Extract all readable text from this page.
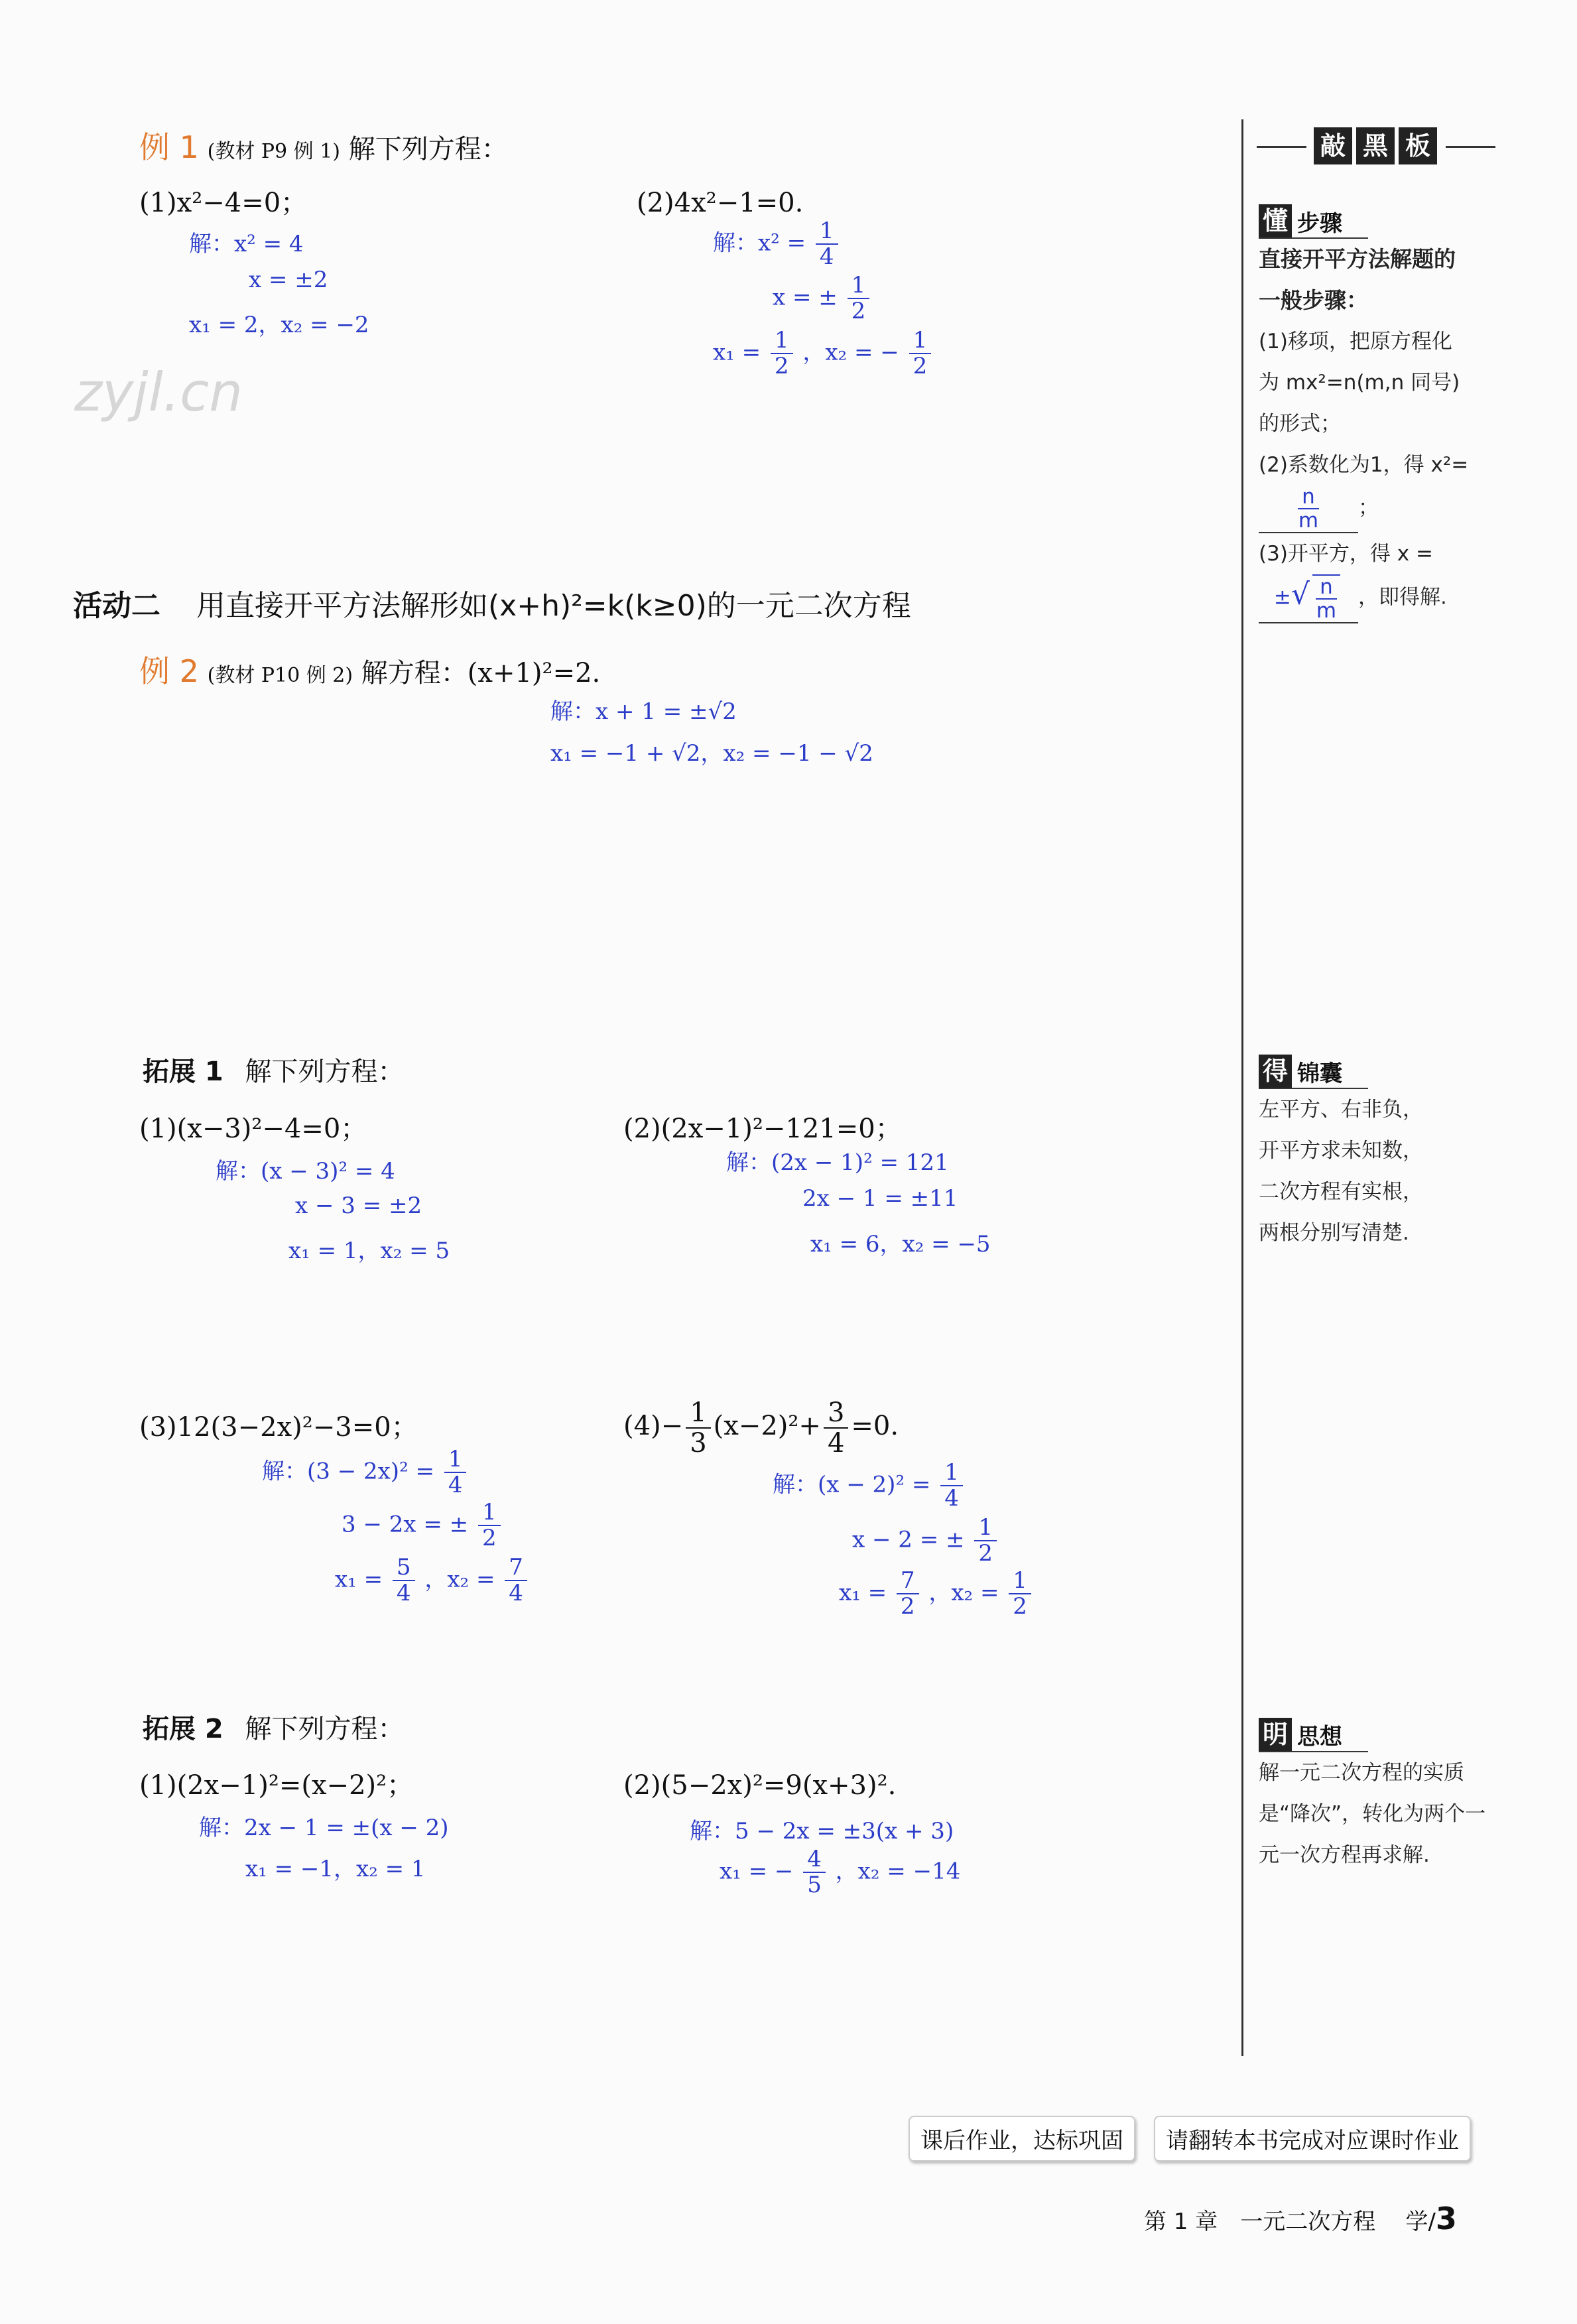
zyjl.cn
例 1 (教材 P9 例 1) 解下列方程：
(1)x²−4=0；	(2)4x²−1=0.
解：x² = 4
x = ±2
x₁ = 2，x₂ = −2
解：$x^2 = \frac{1}{4}$
x = ± $\frac{1}{2}$
$x_1 = \frac{1}{2}$ ，x₂ = − $\frac{1}{2}$
活动二 用直接开平方法解形如(x+h)²=k(k≥0)的一元二次方程
例 2 (教材 P10 例 2) 解方程：(x+1)²=2.
解：x + 1 = ±√2
x₁ = −1 + √2，x₂ = −1 − √2
拓展 1 解下列方程：
(1)(x−3)²−4=0；	(2)(2x−1)²−121=0；
解：(x − 3)² = 4
x − 3 = ±2
x₁ = 1，x₂ = 5
解：(2x − 1)² = 121
2x − 1 = ±11
x₁ = 6，x₂ = −5
(3)12(3−2x)²−3=0；	$(4)- \frac{1}{3} (x-2)^2+ \frac{3}{4} =0$.
解：$(3 - 2x)^2 = \frac{1}{4}$
3 − 2x = ± $\frac{1}{2}$
$x_1 = \frac{5}{4}$ ，$x_2 = \frac{7}{4}$
解：$(x - 2)^2 = \frac{1}{4}$
x − 2 = ± $\frac{1}{2}$
$x_1 = \frac{7}{2}$ ，$x_2 = \frac{1}{2}$
拓展 2 解下列方程：
(1)(2x−1)²=(x−2)²；	(2)(5−2x)²=9(x+3)².
解：2x − 1 = ±(x − 2)
x₁ = −1，x₂ = 1
解：5 − 2x = ±3(x + 3)
x₁ = − $\frac{4}{5}$ ，x₂ = −14
敲 黑 板
懂 步骤
直接开平方法解题的
一般步骤：
(1)移项，把原方程化
为 mx²=n(m,n 同号)
的形式；
(2)系数化为1，得 x²=
$\frac{n}{m}$ ；
(3)开平方，得 x =
±√ $\frac{n}{m}$ ，即得解.
得 锦囊
左平方、右非负，
开平方求未知数，
二次方程有实根，
两根分别写清楚.
明 思想
解一元二次方程的实质
是“降次”，转化为两个一
元一次方程再求解.
课后作业，达标巩固	请翻转本书完成对应课时作业
第 1 章　一元二次方程 学/3
